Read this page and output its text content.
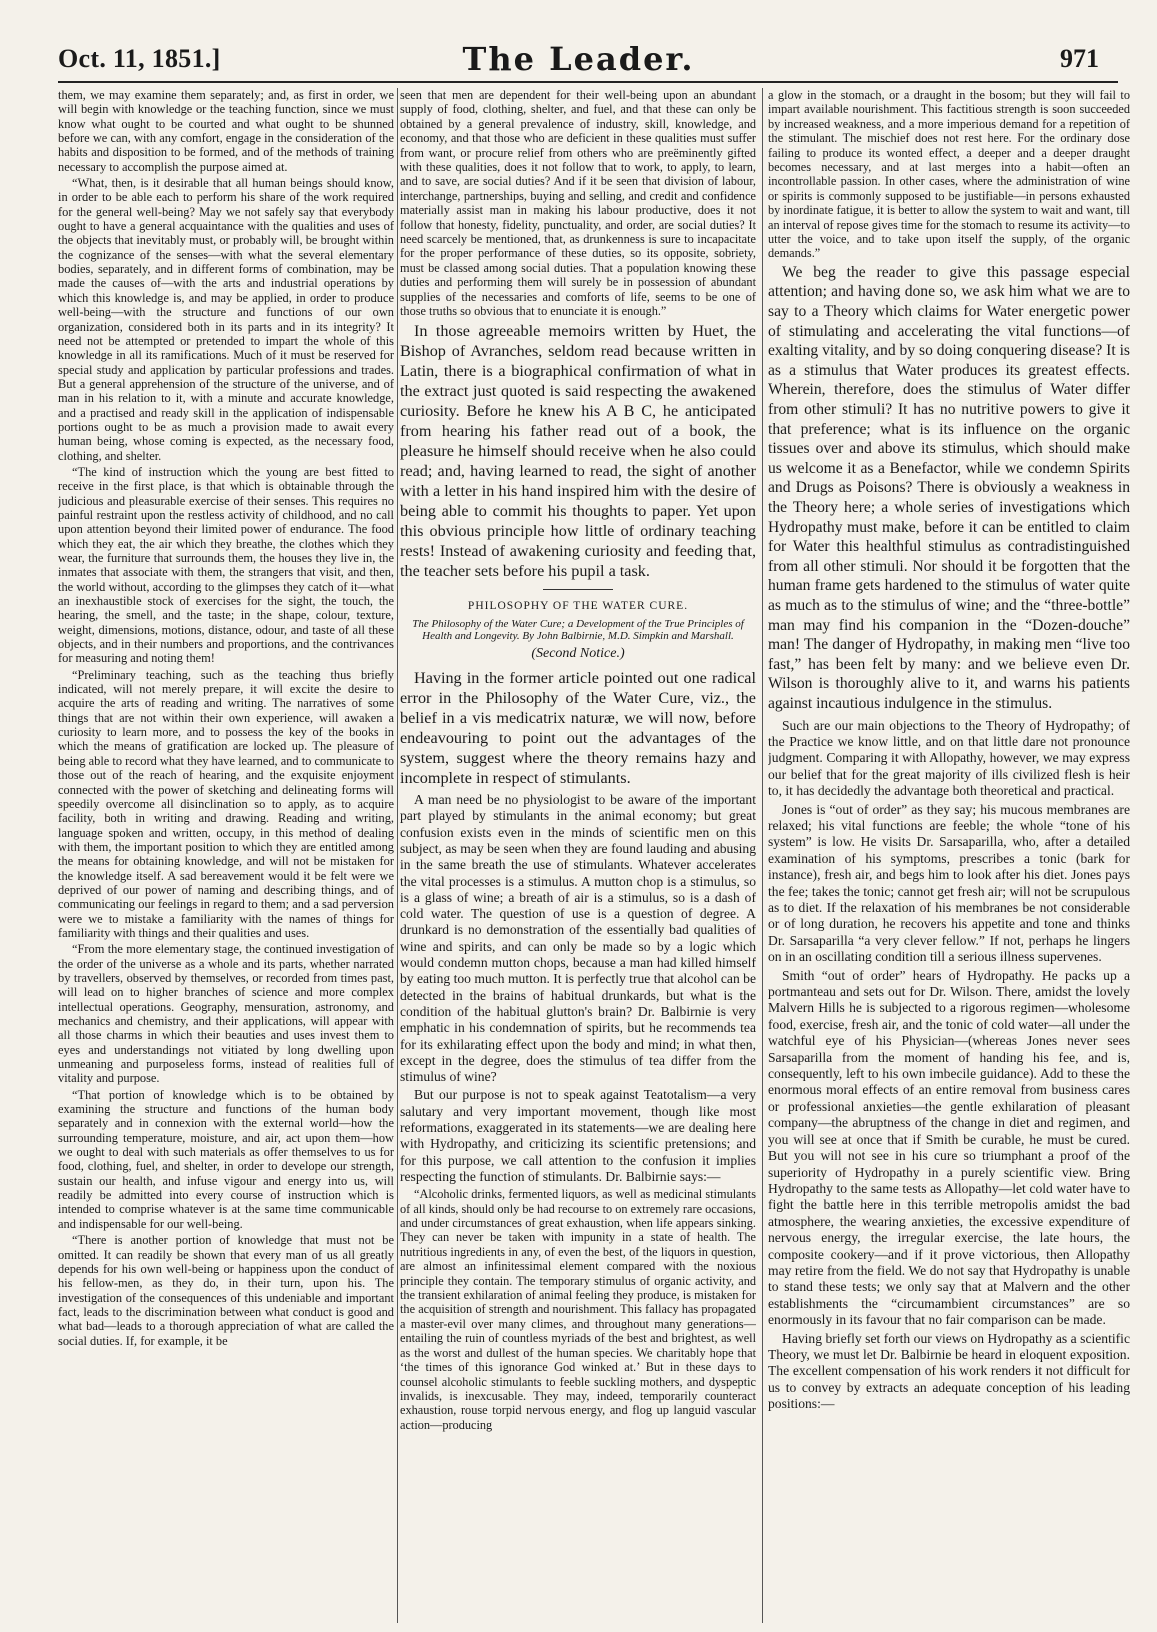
Oct. 11, 1851.]	The Leader.	971

them, we may examine them separately; and, as first in order, we will begin with knowledge or the teaching function, since we must know what ought to be courted and what ought to be shunned before we can, with any comfort, engage in the consideration of the habits and disposition to be formed, and of the methods of training necessary to accomplish the purpose aimed at.

“What, then, is it desirable that all human beings should know, in order to be able each to perform his share of the work required for the general well-being? May we not safely say that everybody ought to have a general acquaintance with the qualities and uses of the objects that inevitably must, or probably will, be brought within the cognizance of the senses—with what the several elementary bodies, separately, and in different forms of combination, may be made the causes of—with the arts and industrial operations by which this knowledge is, and may be applied, in order to produce well-being—with the structure and functions of our own organization, considered both in its parts and in its integrity? It need not be attempted or pretended to impart the whole of this knowledge in all its ramifications. Much of it must be reserved for special study and application by particular professions and trades. But a general apprehension of the structure of the universe, and of man in his relation to it, with a minute and accurate knowledge, and a practised and ready skill in the application of indispensable portions ought to be as much a provision made to await every human being, whose coming is expected, as the necessary food, clothing, and shelter.

“The kind of instruction which the young are best fitted to receive in the first place, is that which is obtainable through the judicious and pleasurable exercise of their senses. This requires no painful restraint upon the restless activity of childhood, and no call upon attention beyond their limited power of endurance. The food which they eat, the air which they breathe, the clothes which they wear, the furniture that surrounds them, the houses they live in, the inmates that associate with them, the strangers that visit, and then, the world without, according to the glimpses they catch of it—what an inexhaustible stock of exercises for the sight, the touch, the hearing, the smell, and the taste; in the shape, colour, texture, weight, dimensions, motions, distance, odour, and taste of all these objects, and in their numbers and proportions, and the contrivances for measuring and noting them!

“Preliminary teaching, such as the teaching thus briefly indicated, will not merely prepare, it will excite the desire to acquire the arts of reading and writing. The narratives of some things that are not within their own experience, will awaken a curiosity to learn more, and to possess the key of the books in which the means of gratification are locked up. The pleasure of being able to record what they have learned, and to communicate to those out of the reach of hearing, and the exquisite enjoyment connected with the power of sketching and delineating forms will speedily overcome all disinclination so to apply, as to acquire facility, both in writing and drawing. Reading and writing, language spoken and written, occupy, in this method of dealing with them, the important position to which they are entitled among the means for obtaining knowledge, and will not be mistaken for the knowledge itself. A sad bereavement would it be felt were we deprived of our power of naming and describing things, and of communicating our feelings in regard to them; and a sad perversion were we to mistake a familiarity with the names of things for familiarity with things and their qualities and uses.

“From the more elementary stage, the continued investigation of the order of the universe as a whole and its parts, whether narrated by travellers, observed by themselves, or recorded from times past, will lead on to higher branches of science and more complex intellectual operations. Geography, mensuration, astronomy, and mechanics and chemistry, and their applications, will appear with all those charms in which their beauties and uses invest them to eyes and understandings not vitiated by long dwelling upon unmeaning and purposeless forms, instead of realities full of vitality and purpose.

“That portion of knowledge which is to be obtained by examining the structure and functions of the human body separately and in connexion with the external world—how the surrounding temperature, moisture, and air, act upon them—how we ought to deal with such materials as offer themselves to us for food, clothing, fuel, and shelter, in order to develope our strength, sustain our health, and infuse vigour and energy into us, will readily be admitted into every course of instruction which is intended to comprise whatever is at the same time communicable and indispensable for our well-being.

“There is another portion of knowledge that must not be omitted. It can readily be shown that every man of us all greatly depends for his own well-being or happiness upon the conduct of his fellow-men, as they do, in their turn, upon his. The investigation of the consequences of this undeniable and important fact, leads to the discrimination between what conduct is good and what bad—leads to a thorough appreciation of what are called the social duties. If, for example, it be

seen that men are dependent for their well-being upon an abundant supply of food, clothing, shelter, and fuel, and that these can only be obtained by a general prevalence of industry, skill, knowledge, and economy, and that those who are deficient in these qualities must suffer from want, or procure relief from others who are preëminently gifted with these qualities, does it not follow that to work, to apply, to learn, and to save, are social duties? And if it be seen that division of labour, interchange, partnerships, buying and selling, and credit and confidence materially assist man in making his labour productive, does it not follow that honesty, fidelity, punctuality, and order, are social duties? It need scarcely be mentioned, that, as drunkenness is sure to incapacitate for the proper performance of these duties, so its opposite, sobriety, must be classed among social duties. That a population knowing these duties and performing them will surely be in possession of abundant supplies of the necessaries and comforts of life, seems to be one of those truths so obvious that to enunciate it is enough.”

In those agreeable memoirs written by Huet, the Bishop of Avranches, seldom read because written in Latin, there is a biographical confirmation of what in the extract just quoted is said respecting the awakened curiosity. Before he knew his A B C, he anticipated from hearing his father read out of a book, the pleasure he himself should receive when he also could read; and, having learned to read, the sight of another with a letter in his hand inspired him with the desire of being able to commit his thoughts to paper. Yet upon this obvious principle how little of ordinary teaching rests! Instead of awakening curiosity and feeding that, the teacher sets before his pupil a task.

PHILOSOPHY OF THE WATER CURE.
The Philosophy of the Water Cure; a Development of the True Principles of Health and Longevity. By John Balbirnie, M.D. Simpkin and Marshall.
(Second Notice.)

Having in the former article pointed out one radical error in the Philosophy of the Water Cure, viz., the belief in a vis medicatrix naturæ, we will now, before endeavouring to point out the advantages of the system, suggest where the theory remains hazy and incomplete in respect of stimulants.

A man need be no physiologist to be aware of the important part played by stimulants in the animal economy; but great confusion exists even in the minds of scientific men on this subject, as may be seen when they are found lauding and abusing in the same breath the use of stimulants. Whatever accelerates the vital processes is a stimulus. A mutton chop is a stimulus, so is a glass of wine; a breath of air is a stimulus, so is a dash of cold water. The question of use is a question of degree. A drunkard is no demonstration of the essentially bad qualities of wine and spirits, and can only be made so by a logic which would condemn mutton chops, because a man had killed himself by eating too much mutton. It is perfectly true that alcohol can be detected in the brains of habitual drunkards, but what is the condition of the habitual glutton's brain? Dr. Balbirnie is very emphatic in his condemnation of spirits, but he recommends tea for its exhilarating effect upon the body and mind; in what then, except in the degree, does the stimulus of tea differ from the stimulus of wine?

But our purpose is not to speak against Teatotalism—a very salutary and very important movement, though like most reformations, exaggerated in its statements—we are dealing here with Hydropathy, and criticizing its scientific pretensions; and for this purpose, we call attention to the confusion it implies respecting the function of stimulants. Dr. Balbirnie says:—

“Alcoholic drinks, fermented liquors, as well as medicinal stimulants of all kinds, should only be had recourse to on extremely rare occasions, and under circumstances of great exhaustion, when life appears sinking. They can never be taken with impunity in a state of health. The nutritious ingredients in any, of even the best, of the liquors in question, are almost an infinitessimal element compared with the noxious principle they contain. The temporary stimulus of organic activity, and the transient exhilaration of animal feeling they produce, is mistaken for the acquisition of strength and nourishment. This fallacy has propagated a master-evil over many climes, and throughout many generations—entailing the ruin of countless myriads of the best and brightest, as well as the worst and dullest of the human species. We charitably hope that ‘the times of this ignorance God winked at.’ But in these days to counsel alcoholic stimulants to feeble suckling mothers, and dyspeptic invalids, is inexcusable. They may, indeed, temporarily counteract exhaustion, rouse torpid nervous energy, and flog up languid vascular action—producing

a glow in the stomach, or a draught in the bosom; but they will fail to impart available nourishment. This factitious strength is soon succeeded by increased weakness, and a more imperious demand for a repetition of the stimulant. The mischief does not rest here. For the ordinary dose failing to produce its wonted effect, a deeper and a deeper draught becomes necessary, and at last merges into a habit—often an incontrollable passion. In other cases, where the administration of wine or spirits is commonly supposed to be justifiable—in persons exhausted by inordinate fatigue, it is better to allow the system to wait and want, till an interval of repose gives time for the stomach to resume its activity—to utter the voice, and to take upon itself the supply, of the organic demands.”

We beg the reader to give this passage especial attention; and having done so, we ask him what we are to say to a Theory which claims for Water energetic power of stimulating and accelerating the vital functions—of exalting vitality, and by so doing conquering disease? It is as a stimulus that Water produces its greatest effects. Wherein, therefore, does the stimulus of Water differ from other stimuli? It has no nutritive powers to give it that preference; what is its influence on the organic tissues over and above its stimulus, which should make us welcome it as a Benefactor, while we condemn Spirits and Drugs as Poisons? There is obviously a weakness in the Theory here; a whole series of investigations which Hydropathy must make, before it can be entitled to claim for Water this healthful stimulus as contradistinguished from all other stimuli. Nor should it be forgotten that the human frame gets hardened to the stimulus of water quite as much as to the stimulus of wine; and the “three-bottle” man may find his companion in the “Dozen-douche” man! The danger of Hydropathy, in making men “live too fast,” has been felt by many: and we believe even Dr. Wilson is thoroughly alive to it, and warns his patients against incautious indulgence in the stimulus.

Such are our main objections to the Theory of Hydropathy; of the Practice we know little, and on that little dare not pronounce judgment. Comparing it with Allopathy, however, we may express our belief that for the great majority of ills civilized flesh is heir to, it has decidedly the advantage both theoretical and practical.

Jones is “out of order” as they say; his mucous membranes are relaxed; his vital functions are feeble; the whole “tone of his system” is low. He visits Dr. Sarsaparilla, who, after a detailed examination of his symptoms, prescribes a tonic (bark for instance), fresh air, and begs him to look after his diet. Jones pays the fee; takes the tonic; cannot get fresh air; will not be scrupulous as to diet. If the relaxation of his membranes be not considerable or of long duration, he recovers his appetite and tone and thinks Dr. Sarsaparilla “a very clever fellow.” If not, perhaps he lingers on in an oscillating condition till a serious illness supervenes.

Smith “out of order” hears of Hydropathy. He packs up a portmanteau and sets out for Dr. Wilson. There, amidst the lovely Malvern Hills he is subjected to a rigorous regimen—wholesome food, exercise, fresh air, and the tonic of cold water—all under the watchful eye of his Physician—(whereas Jones never sees Sarsaparilla from the moment of handing his fee, and is, consequently, left to his own imbecile guidance). Add to these the enormous moral effects of an entire removal from business cares or professional anxieties—the gentle exhilaration of pleasant company—the abruptness of the change in diet and regimen, and you will see at once that if Smith be curable, he must be cured. But you will not see in his cure so triumphant a proof of the superiority of Hydropathy in a purely scientific view. Bring Hydropathy to the same tests as Allopathy—let cold water have to fight the battle here in this terrible metropolis amidst the bad atmosphere, the wearing anxieties, the excessive expenditure of nervous energy, the irregular exercise, the late hours, the composite cookery—and if it prove victorious, then Allopathy may retire from the field. We do not say that Hydropathy is unable to stand these tests; we only say that at Malvern and the other establishments the “circumambient circumstances” are so enormously in its favour that no fair comparison can be made.

Having briefly set forth our views on Hydropathy as a scientific Theory, we must let Dr. Balbirnie be heard in eloquent exposition. The excellent compensation of his work renders it not difficult for us to convey by extracts an adequate conception of his leading positions:—
